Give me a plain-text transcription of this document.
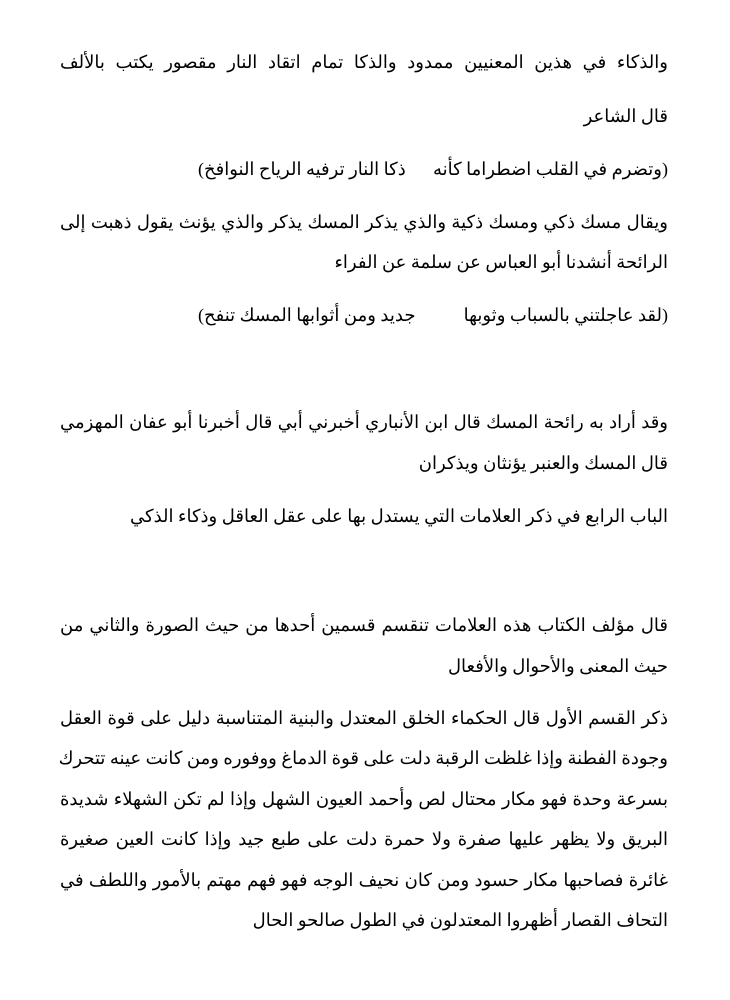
والذكاء في هذين المعنيين ممدود والذكا تمام اتقاد النار مقصور يكتب بالألف
قال الشاعر
(وتضرم في القلب اضطراما كأنه
ذكا النار ترفيه الرياح النوافخ)
ويقال مسك ذكي ومسك ذكية والذي يذكر المسك يذكر والذي يؤنث يقول ذهبت إلى
الرائحة أنشدنا أبو العباس عن سلمة عن الفراء
(لقد عاجلتني بالسباب وثوبها
جديد ومن أثوابها المسك تنفح)
وقد أراد به رائحة المسك قال ابن الأنباري أخبرني أبي قال أخبرنا أبو عفان المهزمي
قال المسك والعنبر يؤنثان ويذكران
الباب الرابع في ذكر العلامات التي يستدل بها على عقل العاقل وذكاء الذكي
قال مؤلف الكتاب هذه العلامات تنقسم قسمين أحدها من حيث الصورة والثاني من
حيث المعنى والأحوال والأفعال
ذكر القسم الأول قال الحكماء الخلق المعتدل والبنية المتناسبة دليل على قوة العقل
وجودة الفطنة وإذا غلظت الرقبة دلت على قوة الدماغ ووفوره ومن كانت عينه تتحرك
بسرعة وحدة فهو مكار محتال لص وأحمد العيون الشهل وإذا لم تكن الشهلاء شديدة
البريق ولا يظهر عليها صفرة ولا حمرة دلت على طبع جيد وإذا كانت العين صغيرة
غائرة فصاحبها مكار حسود ومن كان نحيف الوجه فهو فهم مهتم بالأمور واللطف في
التحاف القصار أظهروا المعتدلون في الطول صالحو الحال
